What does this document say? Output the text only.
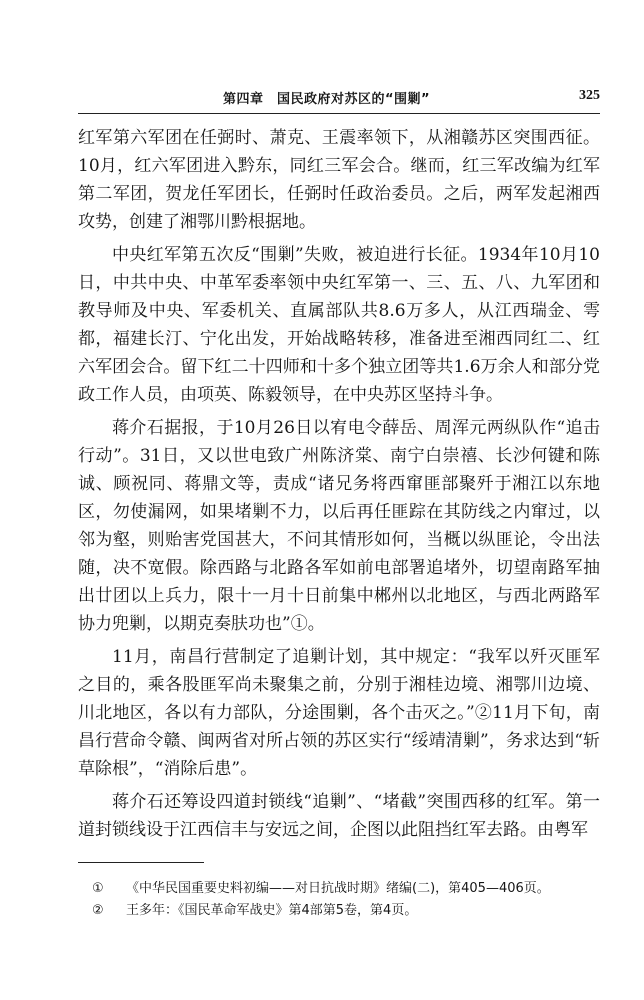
第四章　国民政府对苏区的“围剿”	325

红军第六军团在任弼时、萧克、王震率领下，从湘赣苏区突围西征。10月，红六军团进入黔东，同红三军会合。继而，红三军改编为红军第二军团，贺龙任军团长，任弼时任政治委员。之后，两军发起湘西攻势，创建了湘鄂川黔根据地。

中央红军第五次反“围剿”失败，被迫进行长征。1934年10月10日，中共中央、中革军委率领中央红军第一、三、五、八、九军团和教导师及中央、军委机关、直属部队共8.6万多人，从江西瑞金、雩都，福建长汀、宁化出发，开始战略转移，准备进至湘西同红二、红六军团会合。留下红二十四师和十多个独立团等共1.6万余人和部分党政工作人员，由项英、陈毅领导，在中央苏区坚持斗争。

蒋介石据报，于10月26日以宥电令薛岳、周浑元两纵队作“追击行动”。31日，又以世电致广州陈济棠、南宁白崇禧、长沙何键和陈诚、顾祝同、蒋鼎文等，责成“诸兄务将西窜匪部聚歼于湘江以东地区，勿使漏网，如果堵剿不力，以后再任匪踪在其防线之内窜过，以邻为壑，则贻害党国甚大，不问其情形如何，当概以纵匪论，令出法随，决不宽假。除西路与北路各军如前电部署追堵外，切望南路军抽出廿团以上兵力，限十一月十日前集中郴州以北地区，与西北两路军协力兜剿，以期克奏肤功也”①。

11月，南昌行营制定了追剿计划，其中规定：“我军以歼灭匪军之目的，乘各股匪军尚未聚集之前，分别于湘桂边境、湘鄂川边境、川北地区，各以有力部队，分途围剿，各个击灭之。”②11月下旬，南昌行营命令赣、闽两省对所占领的苏区实行“绥靖清剿”，务求达到“斩草除根”，“消除后患”。

蒋介石还筹设四道封锁线“追剿”、“堵截”突围西移的红军。第一道封锁线设于江西信丰与安远之间，企图以此阻挡红军去路。由粤军

① 《中华民国重要史料初编——对日抗战时期》绪编(二)，第405—406页。
② 王多年：《国民革命军战史》第4部第5卷，第4页。
